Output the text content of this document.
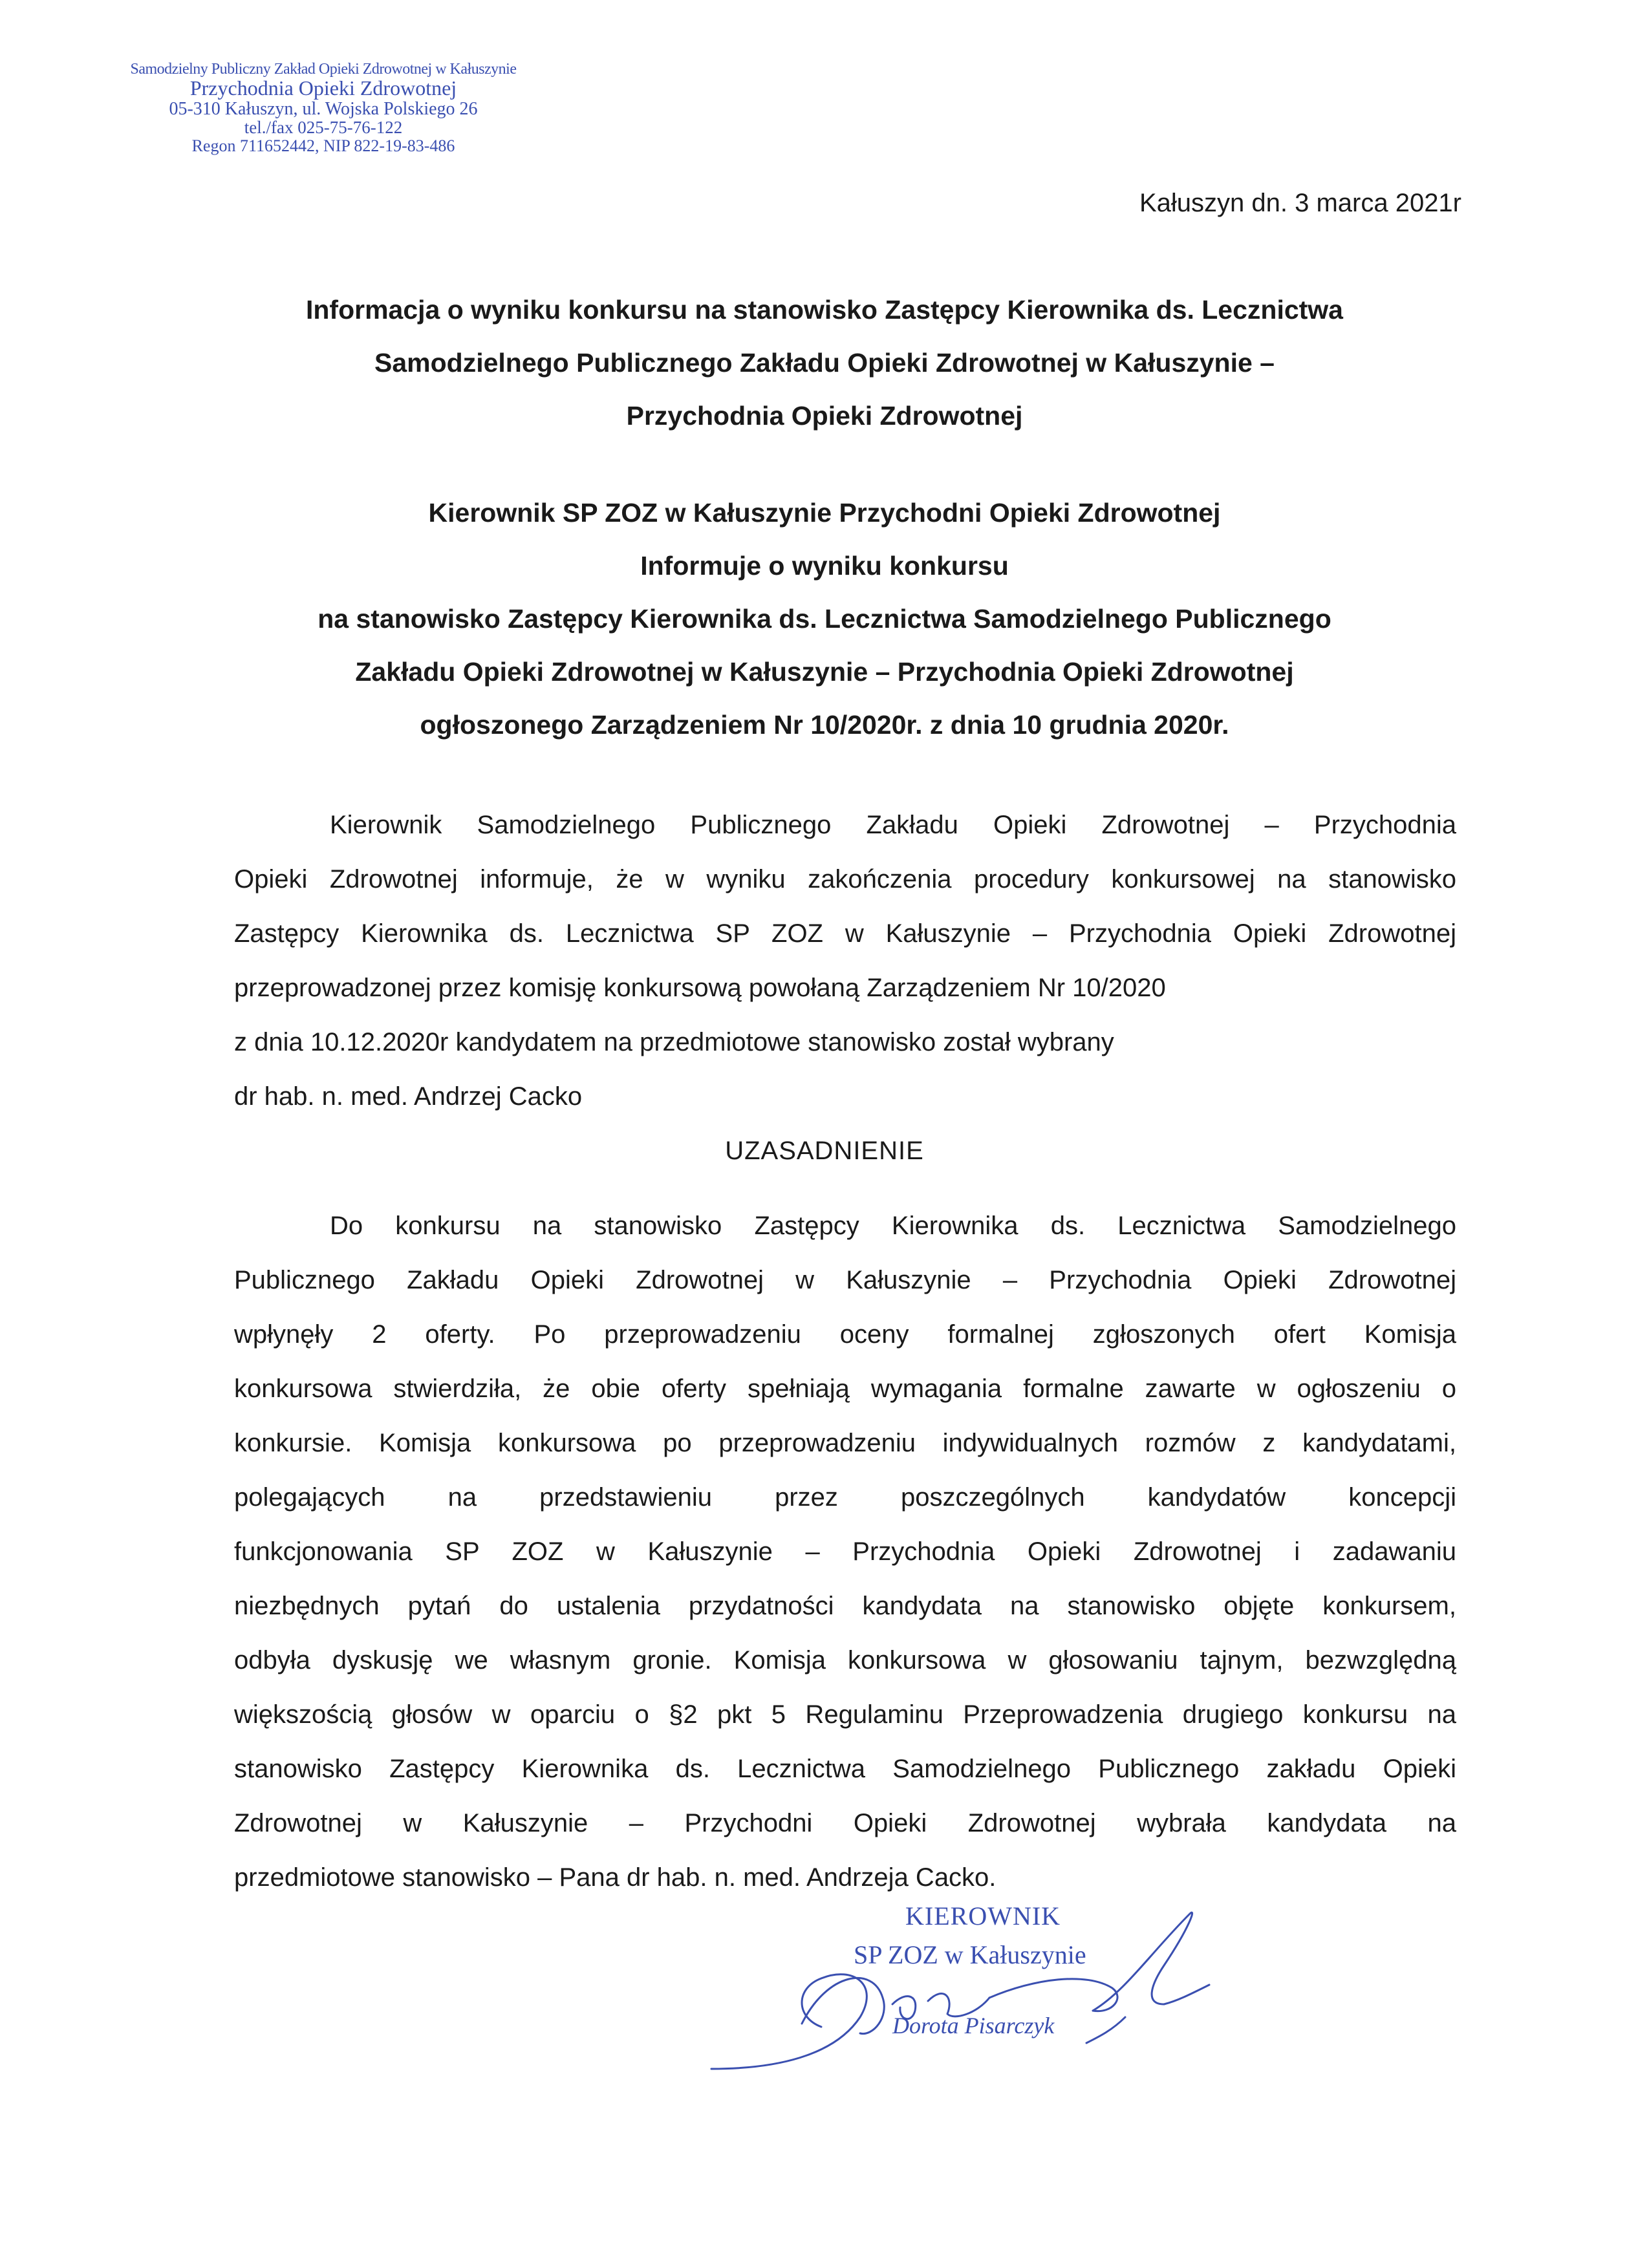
Samodzielny Publiczny Zakład Opieki Zdrowotnej w Kałuszynie
Przychodnia Opieki Zdrowotnej
05-310 Kałuszyn, ul. Wojska Polskiego 26
tel./fax 025-75-76-122
Regon 711652442, NIP 822-19-83-486
Kałuszyn dn. 3 marca 2021r
Informacja o wyniku konkursu na stanowisko Zastępcy Kierownika ds. Lecznictwa
Samodzielnego Publicznego Zakładu Opieki Zdrowotnej w Kałuszynie –
Przychodnia Opieki Zdrowotnej
Kierownik SP ZOZ w Kałuszynie Przychodni Opieki Zdrowotnej
Informuje o wyniku konkursu
na stanowisko Zastępcy Kierownika ds. Lecznictwa Samodzielnego Publicznego
Zakładu Opieki Zdrowotnej w Kałuszynie – Przychodnia Opieki Zdrowotnej
ogłoszonego Zarządzeniem Nr 10/2020r. z dnia 10 grudnia 2020r.
Kierownik Samodzielnego Publicznego Zakładu Opieki Zdrowotnej – Przychodnia
Opieki Zdrowotnej informuje, że w wyniku zakończenia procedury konkursowej na stanowisko
Zastępcy Kierownika ds. Lecznictwa SP ZOZ w Kałuszynie – Przychodnia Opieki Zdrowotnej
przeprowadzonej przez komisję konkursową powołaną Zarządzeniem Nr 10/2020
z dnia 10.12.2020r kandydatem na przedmiotowe stanowisko został wybrany
dr hab. n. med. Andrzej Cacko
UZASADNIENIE
Do konkursu na stanowisko Zastępcy Kierownika ds. Lecznictwa Samodzielnego
Publicznego Zakładu Opieki Zdrowotnej w Kałuszynie – Przychodnia Opieki Zdrowotnej
wpłynęły 2 oferty. Po przeprowadzeniu oceny formalnej zgłoszonych ofert Komisja
konkursowa stwierdziła, że obie oferty spełniają wymagania formalne zawarte w ogłoszeniu o
konkursie. Komisja konkursowa po przeprowadzeniu indywidualnych rozmów z kandydatami,
polegających na przedstawieniu przez poszczególnych kandydatów koncepcji
funkcjonowania SP ZOZ w Kałuszynie – Przychodnia Opieki Zdrowotnej i zadawaniu
niezbędnych pytań do ustalenia przydatności kandydata na stanowisko objęte konkursem,
odbyła dyskusję we własnym gronie. Komisja konkursowa w głosowaniu tajnym, bezwzględną
większością głosów w oparciu o §2 pkt 5 Regulaminu Przeprowadzenia drugiego konkursu na
stanowisko Zastępcy Kierownika ds. Lecznictwa Samodzielnego Publicznego zakładu Opieki
Zdrowotnej w Kałuszynie – Przychodni Opieki Zdrowotnej wybrała kandydata na
przedmiotowe stanowisko – Pana dr hab. n. med. Andrzeja Cacko.
KIEROWNIK
SP ZOZ w Kałuszynie
Dorota Pisarczyk
